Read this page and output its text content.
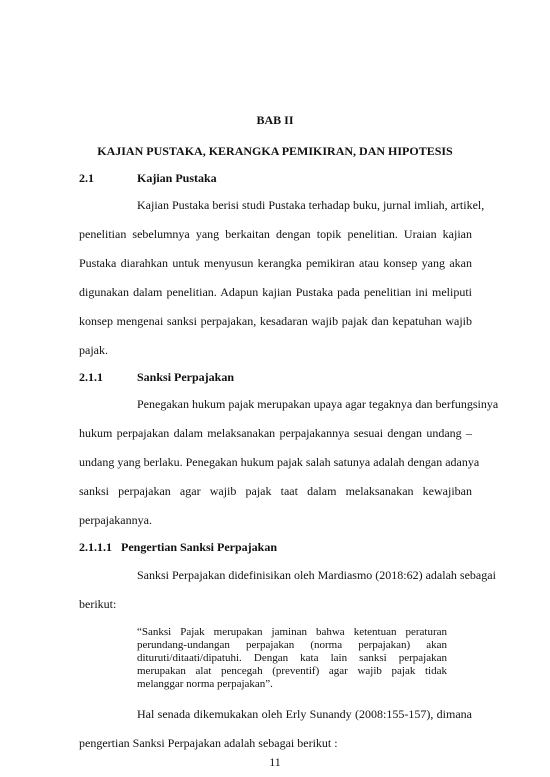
BAB II
KAJIAN PUSTAKA, KERANGKA PEMIKIRAN, DAN HIPOTESIS
2.1	Kajian Pustaka
Kajian Pustaka berisi studi Pustaka terhadap buku, jurnal imliah, artikel,
penelitian sebelumnya yang berkaitan dengan topik penelitian. Uraian kajian
Pustaka diarahkan untuk menyusun kerangka pemikiran atau konsep yang akan
digunakan dalam penelitian. Adapun kajian Pustaka pada penelitian ini meliputi
konsep mengenai sanksi perpajakan, kesadaran wajib pajak dan kepatuhan wajib
pajak.
2.1.1	Sanksi Perpajakan
Penegakan hukum pajak merupakan upaya agar tegaknya dan berfungsinya
hukum perpajakan dalam melaksanakan perpajakannya sesuai dengan undang –
undang yang berlaku. Penegakan hukum pajak salah satunya adalah dengan adanya
sanksi perpajakan agar wajib pajak taat dalam melaksanakan kewajiban
perpajakannya.
2.1.1.1 Pengertian Sanksi Perpajakan
Sanksi Perpajakan didefinisikan oleh Mardiasmo (2018:62) adalah sebagai
berikut:
“Sanksi Pajak merupakan jaminan bahwa ketentuan peraturan
perundang-undangan perpajakan (norma perpajakan) akan
dituruti/ditaati/dipatuhi. Dengan kata lain sanksi perpajakan
merupakan alat pencegah (preventif) agar wajib pajak tidak
melanggar norma perpajakan”.
Hal senada dikemukakan oleh Erly Sunandy (2008:155-157), dimana
pengertian Sanksi Perpajakan adalah sebagai berikut :
11
